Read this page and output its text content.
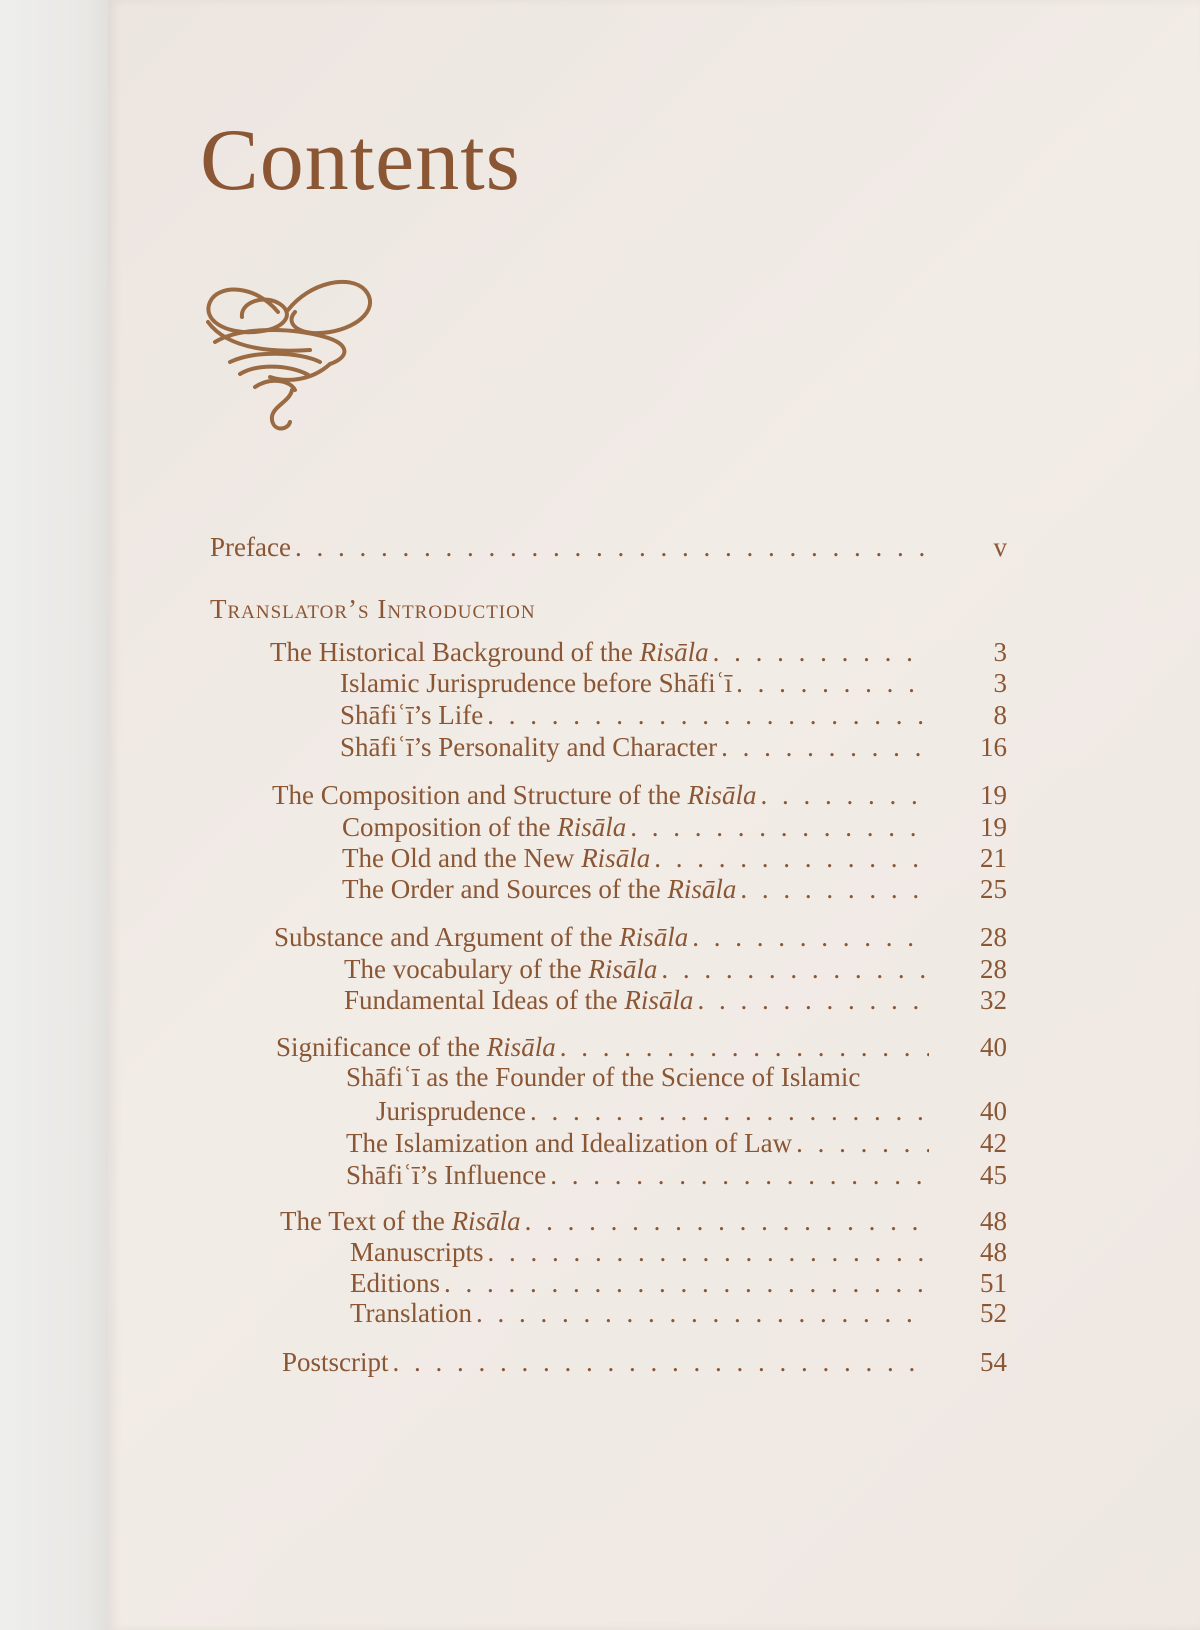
Contents
Translator’s Introduction
Preface . . .	v
The Historical Background of the Risāla . . .	3
Islamic Jurisprudence before Shāfiʿī . . .	3
Shāfiʿī’s Life . . .	8
Shāfiʿī’s Personality and Character . . .	16
The Composition and Structure of the Risāla . . .	19
Composition of the Risāla . . .	19
The Old and the New Risāla . . .	21
The Order and Sources of the Risāla . . .	25
Substance and Argument of the Risāla . . .	28
The vocabulary of the Risāla . . .	28
Fundamental Ideas of the Risāla . . .	32
Significance of the Risāla . . .	40
Shāfiʿī as the Founder of the Science of Islamic
Jurisprudence . . .	40
The Islamization and Idealization of Law . . .	42
Shāfiʿī’s Influence . . .	45
The Text of the Risāla . . .	48
Manuscripts . . .	48
Editions . . .	51
Translation . . .	52
Postscript . . .	54
